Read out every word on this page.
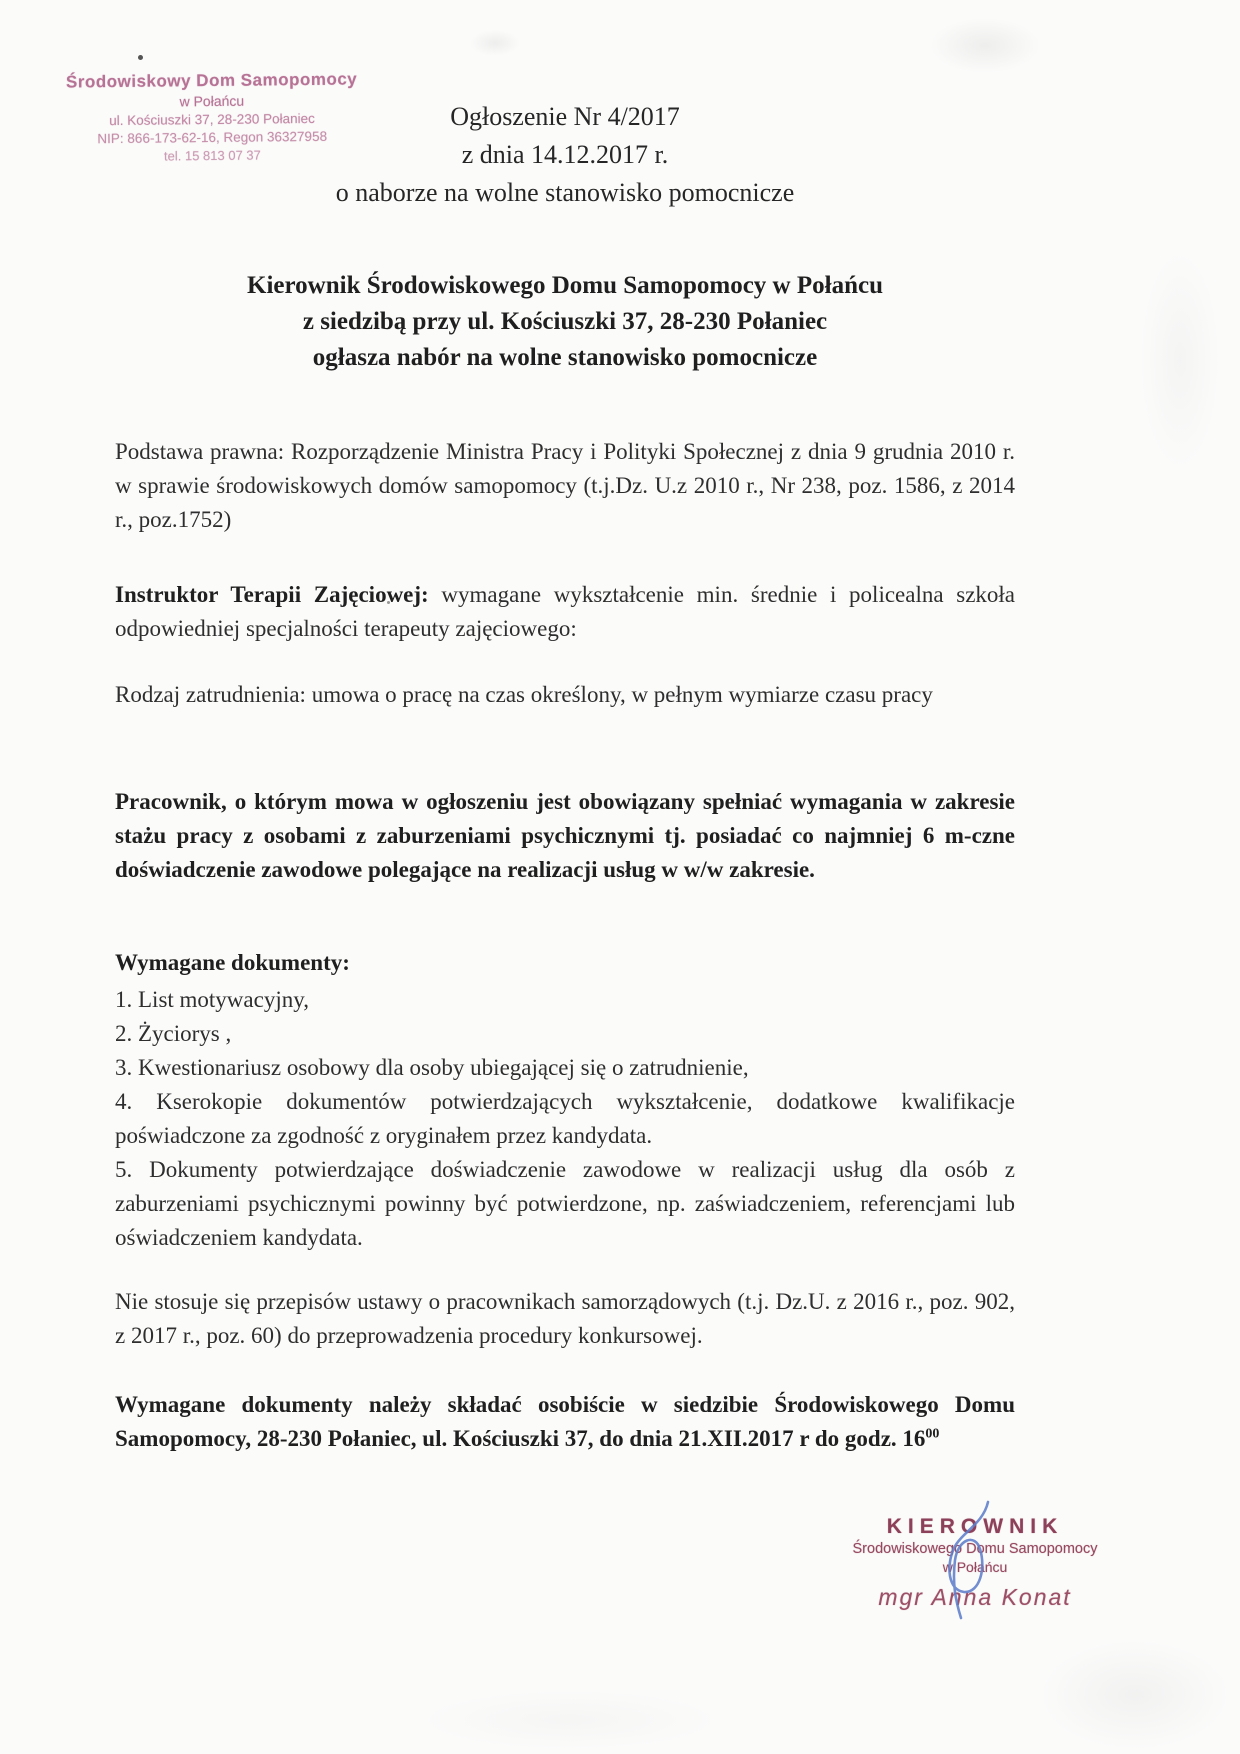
Środowiskowy Dom Samopomocy
w Połańcu
ul. Kościuszki 37, 28-230 Połaniec
NIP: 866-173-62-16, Regon 36327958
tel. 15 813 07 37
Ogłoszenie Nr 4/2017
z dnia 14.12.2017 r.
o naborze na wolne stanowisko pomocnicze
Kierownik Środowiskowego Domu Samopomocy w Połańcu
z siedzibą przy ul. Kościuszki 37, 28-230 Połaniec
ogłasza nabór na wolne stanowisko pomocnicze
Podstawa prawna: Rozporządzenie Ministra Pracy i Polityki Społecznej z dnia 9 grudnia 2010 r. w sprawie środowiskowych domów samopomocy (t.j.Dz. U.z 2010 r., Nr 238, poz. 1586, z 2014 r., poz.1752)
Instruktor Terapii Zajęciowej: wymagane wykształcenie min. średnie i policealna szkoła odpowiedniej specjalności terapeuty zajęciowego:
Rodzaj zatrudnienia: umowa o pracę na czas określony, w pełnym wymiarze czasu pracy
Pracownik, o którym mowa w ogłoszeniu jest obowiązany spełniać wymagania w zakresie stażu pracy z osobami z zaburzeniami psychicznymi tj. posiadać co najmniej 6 m-czne doświadczenie zawodowe polegające na realizacji usług w w/w zakresie.
Wymagane dokumenty:
1. List motywacyjny,
2. Życiorys ,
3. Kwestionariusz osobowy dla osoby ubiegającej się o zatrudnienie,
4. Kserokopie dokumentów potwierdzających wykształcenie, dodatkowe kwalifikacje poświadczone za zgodność z oryginałem przez kandydata.
5. Dokumenty potwierdzające doświadczenie zawodowe w realizacji usług dla osób z zaburzeniami psychicznymi powinny być potwierdzone, np. zaświadczeniem, referencjami lub oświadczeniem kandydata.
Nie stosuje się przepisów ustawy o pracownikach samorządowych (t.j. Dz.U. z 2016 r., poz. 902, z 2017 r., poz. 60) do przeprowadzenia procedury konkursowej.
Wymagane dokumenty należy składać osobiście w siedzibie Środowiskowego Domu Samopomocy, 28-230 Połaniec, ul. Kościuszki 37, do dnia 21.XII.2017 r do godz. $16^{00}$
KIEROWNIK
Środowiskowego Domu Samopomocy
w Połańcu
mgr Anna Konat
